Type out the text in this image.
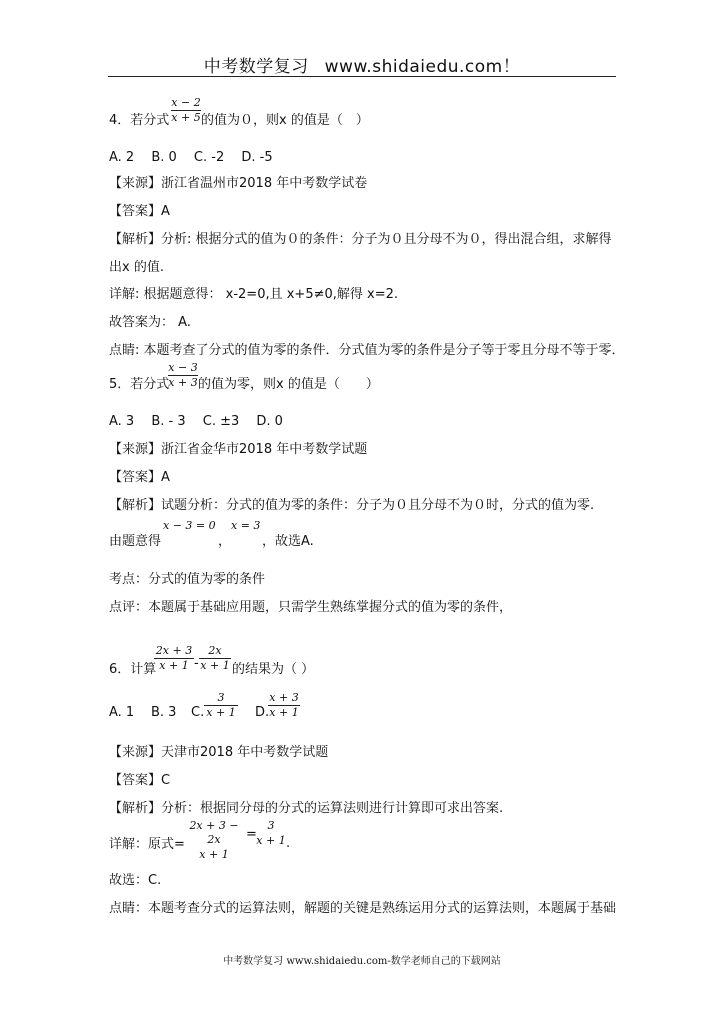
中考数学复习 www.shidaiedu.com！
4．若分式
x − 2
x + 5 的值为０，则x 的值是（　）
A. 2　 B. 0　 C. -2　 D. -5
【来源】浙江省温州市2018 年中考数学试卷
【答案】A
【解析】分析: 根据分式的值为０的条件：分子为０且分母不为０，得出混合组，求解得
出x 的值.
详解: 根据题意得： x-2=0,且 x+5≠0,解得 x=2.
故答案为： A.
点睛: 本题考查了分式的值为零的条件．分式值为零的条件是分子等于零且分母不等于零．
5．若分式
x − 3
x + 3 的值为零，则x 的值是（　　）
A. 3　 B. - 3　 C. ±3　 D. 0
【来源】浙江省金华市2018 年中考数学试题
【答案】A
【解析】试题分析：分式的值为零的条件：分子为０且分母不为０时，分式的值为零.
由题意得
x − 3 = 0
，
x = 3
，故选A.
考点：分式的值为零的条件
点评：本题属于基础应用题，只需学生熟练掌握分式的值为零的条件，
6．计算
2x + 3
x + 1 -
2x
x + 1 的结果为（ ）
A. 1 B. 3 C.
3
x + 1 D.
x + 3
x + 1
【来源】天津市2018 年中考数学试题
【答案】C
【解析】分析：根据同分母的分式的运算法则进行计算即可求出答案.
详解：原式=
2x + 3 − 2x
x + 1
=
3
x + 1 .
故选：C.
点睛：本题考查分式的运算法则，解题的关键是熟练运用分式的运算法则，本题属于基础
中考数学复习 www.shidaiedu.com-数学老师自己的下载网站
